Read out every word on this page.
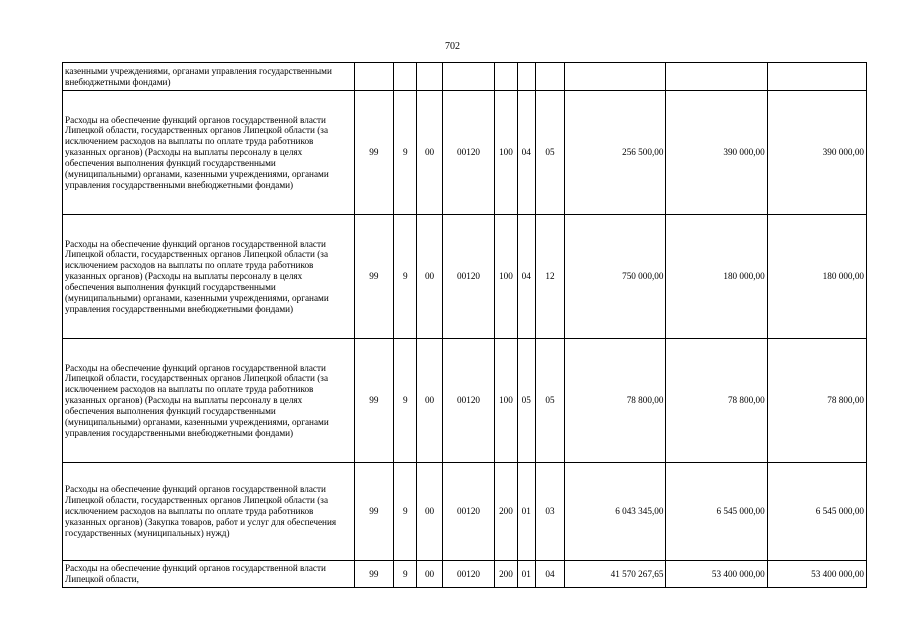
702
казенными учреждениями, органами управления государственными внебюджетными фондами)										
Расходы на обеспечение функций органов государственной власти Липецкой области, государственных органов Липецкой области (за исключением расходов на выплаты по оплате труда работников указанных органов) (Расходы на выплаты персоналу в целях обеспечения выполнения функций государственными (муниципальными) органами, казенными учреждениями, органами управления государственными внебюджетными фондами)	99	9	00	00120	100	04	05	256 500,00	390 000,00	390 000,00
Расходы на обеспечение функций органов государственной власти Липецкой области, государственных органов Липецкой области (за исключением расходов на выплаты по оплате труда работников указанных органов) (Расходы на выплаты персоналу в целях обеспечения выполнения функций государственными (муниципальными) органами, казенными учреждениями, органами управления государственными внебюджетными фондами)	99	9	00	00120	100	04	12	750 000,00	180 000,00	180 000,00
Расходы на обеспечение функций органов государственной власти Липецкой области, государственных органов Липецкой области (за исключением расходов на выплаты по оплате труда работников указанных органов) (Расходы на выплаты персоналу в целях обеспечения выполнения функций государственными (муниципальными) органами, казенными учреждениями, органами управления государственными внебюджетными фондами)	99	9	00	00120	100	05	05	78 800,00	78 800,00	78 800,00
Расходы на обеспечение функций органов государственной власти Липецкой области, государственных органов Липецкой области (за исключением расходов на выплаты по оплате труда работников указанных органов) (Закупка товаров, работ и услуг для обеспечения государственных (муниципальных) нужд)	99	9	00	00120	200	01	03	6 043 345,00	6 545 000,00	6 545 000,00
Расходы на обеспечение функций органов государственной власти Липецкой области,	99	9	00	00120	200	01	04	41 570 267,65	53 400 000,00	53 400 000,00
